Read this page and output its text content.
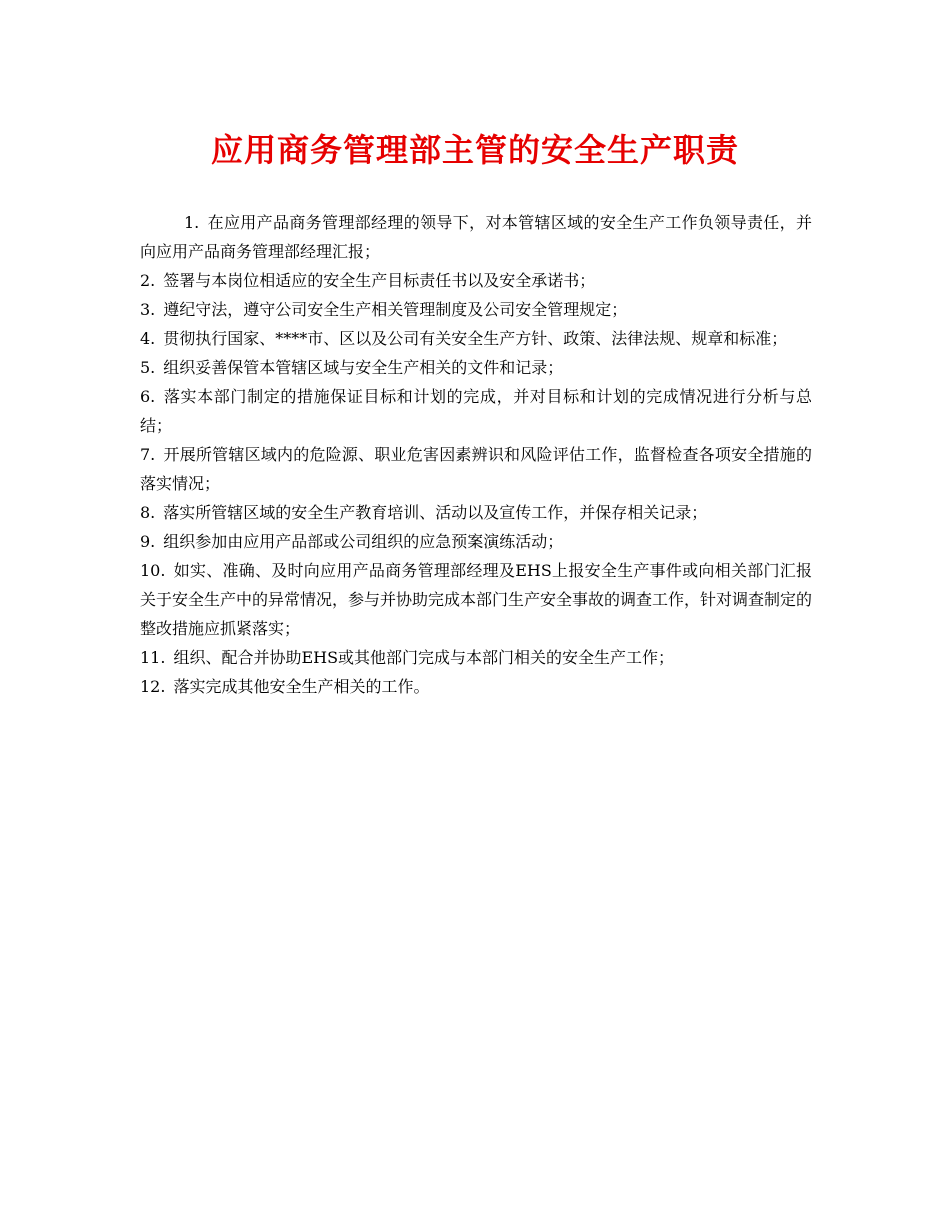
应用商务管理部主管的安全生产职责

1. 在应用产品商务管理部经理的领导下，对本管辖区域的安全生产工作负领导责任，并向应用产品商务管理部经理汇报；

2. 签署与本岗位相适应的安全生产目标责任书以及安全承诺书；

3. 遵纪守法，遵守公司安全生产相关管理制度及公司安全管理规定；

4. 贯彻执行国家、****市、区以及公司有关安全生产方针、政策、法律法规、规章和标准；

5. 组织妥善保管本管辖区域与安全生产相关的文件和记录；

6. 落实本部门制定的措施保证目标和计划的完成，并对目标和计划的完成情况进行分析与总结；

7. 开展所管辖区域内的危险源、职业危害因素辨识和风险评估工作，监督检查各项安全措施的落实情况；

8. 落实所管辖区域的安全生产教育培训、活动以及宣传工作，并保存相关记录；

9. 组织参加由应用产品部或公司组织的应急预案演练活动；

10. 如实、准确、及时向应用产品商务管理部经理及EHS上报安全生产事件或向相关部门汇报关于安全生产中的异常情况，参与并协助完成本部门生产安全事故的调查工作，针对调查制定的整改措施应抓紧落实；

11. 组织、配合并协助EHS或其他部门完成与本部门相关的安全生产工作；

12. 落实完成其他安全生产相关的工作。
